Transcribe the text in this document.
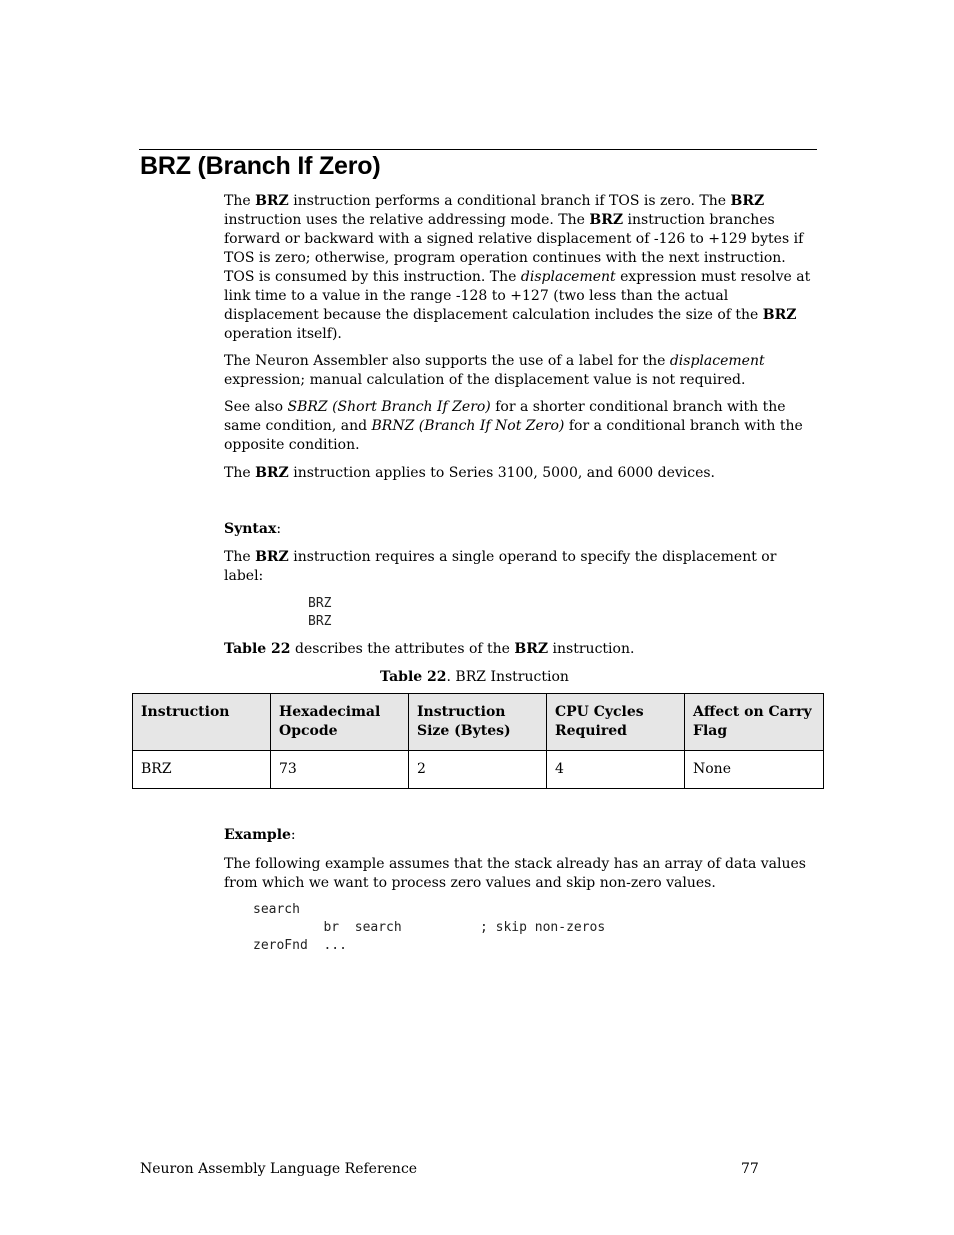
BRZ (Branch If Zero)

The BRZ instruction performs a conditional branch if TOS is zero. The BRZ instruction uses the relative addressing mode. The BRZ instruction branches forward or backward with a signed relative displacement of -126 to +129 bytes if TOS is zero; otherwise, program operation continues with the next instruction. TOS is consumed by this instruction. The displacement expression must resolve at link time to a value in the range -128 to +127 (two less than the actual displacement because the displacement calculation includes the size of the BRZ operation itself).

The Neuron Assembler also supports the use of a label for the displacement expression; manual calculation of the displacement value is not required.

See also SBRZ (Short Branch If Zero) for a shorter conditional branch with the same condition, and BRNZ (Branch If Not Zero) for a conditional branch with the opposite condition.

The BRZ instruction applies to Series 3100, 5000, and 6000 devices.

Syntax:

The BRZ instruction requires a single operand to specify the displacement or label:

BRZ
BRZ

Table 22 describes the attributes of the BRZ instruction.

Table 22. BRZ Instruction

Instruction	Hexadecimal Opcode	Instruction Size (Bytes)	CPU Cycles Required	Affect on Carry Flag
BRZ	73	2	4	None

Example:

The following example assumes that the stack already has an array of data values from which we want to process zero values and skip non-zero values.

search
br  search          ; skip non-zeros
zeroFnd  ...
Neuron Assembly Language Reference	77
